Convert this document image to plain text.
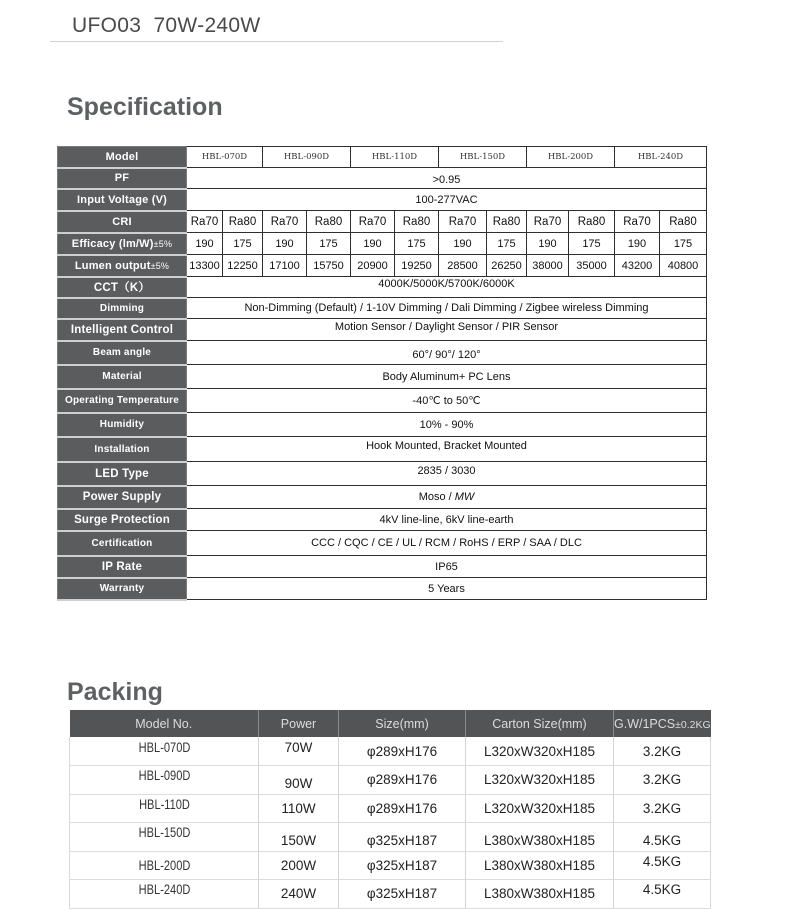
UFO03  70W-240W
Specification
Model	HBL-070D		HBL-090D		HBL-110D		HBL-150D		HBL-200D		HBL-240D	
PF	>0.95											
Input Voltage (V)	100-277VAC											
CRI	Ra70	Ra80	Ra70	Ra80	Ra70	Ra80	Ra70	Ra80	Ra70	Ra80	Ra70	Ra80
Efficacy (lm/W)±5%	190	175	190	175	190	175	190	175	190	175	190	175
Lumen output±5%	13300	12250	17100	15750	20900	19250	28500	26250	38000	35000	43200	40800
CCT（K）	4000K/5000K/5700K/6000K											
Dimming	Non-Dimming (Default) / 1-10V Dimming / Dali Dimming / Zigbee wireless Dimming											
Intelligent Control	Motion Sensor / Daylight Sensor / PIR Sensor											
Beam angle	60°/ 90°/ 120°											
Material	Body Aluminum+ PC Lens											
Operating Temperature	-40℃ to 50℃											
Humidity	10% - 90%											
Installation	Hook Mounted, Bracket Mounted											
LED Type	2835 / 3030											
Power Supply	Moso / MW											
Surge Protection	4kV line-line, 6kV line-earth											
Certification	CCC / CQC / CE / UL / RCM / RoHS / ERP / SAA / DLC											
IP Rate	IP65											
Warranty	5 Years											
Packing
Model No.	Power	Size(mm)	Carton Size(mm)	G.W/1PCS±0.2KG
HBL-070D	70W	φ289xH176	L320xW320xH185	3.2KG
HBL-090D	90W	φ289xH176	L320xW320xH185	3.2KG
HBL-110D	110W	φ289xH176	L320xW320xH185	3.2KG
HBL-150D	150W	φ325xH187	L380xW380xH185	4.5KG
HBL-200D	200W	φ325xH187	L380xW380xH185	4.5KG
HBL-240D	240W	φ325xH187	L380xW380xH185	4.5KG
